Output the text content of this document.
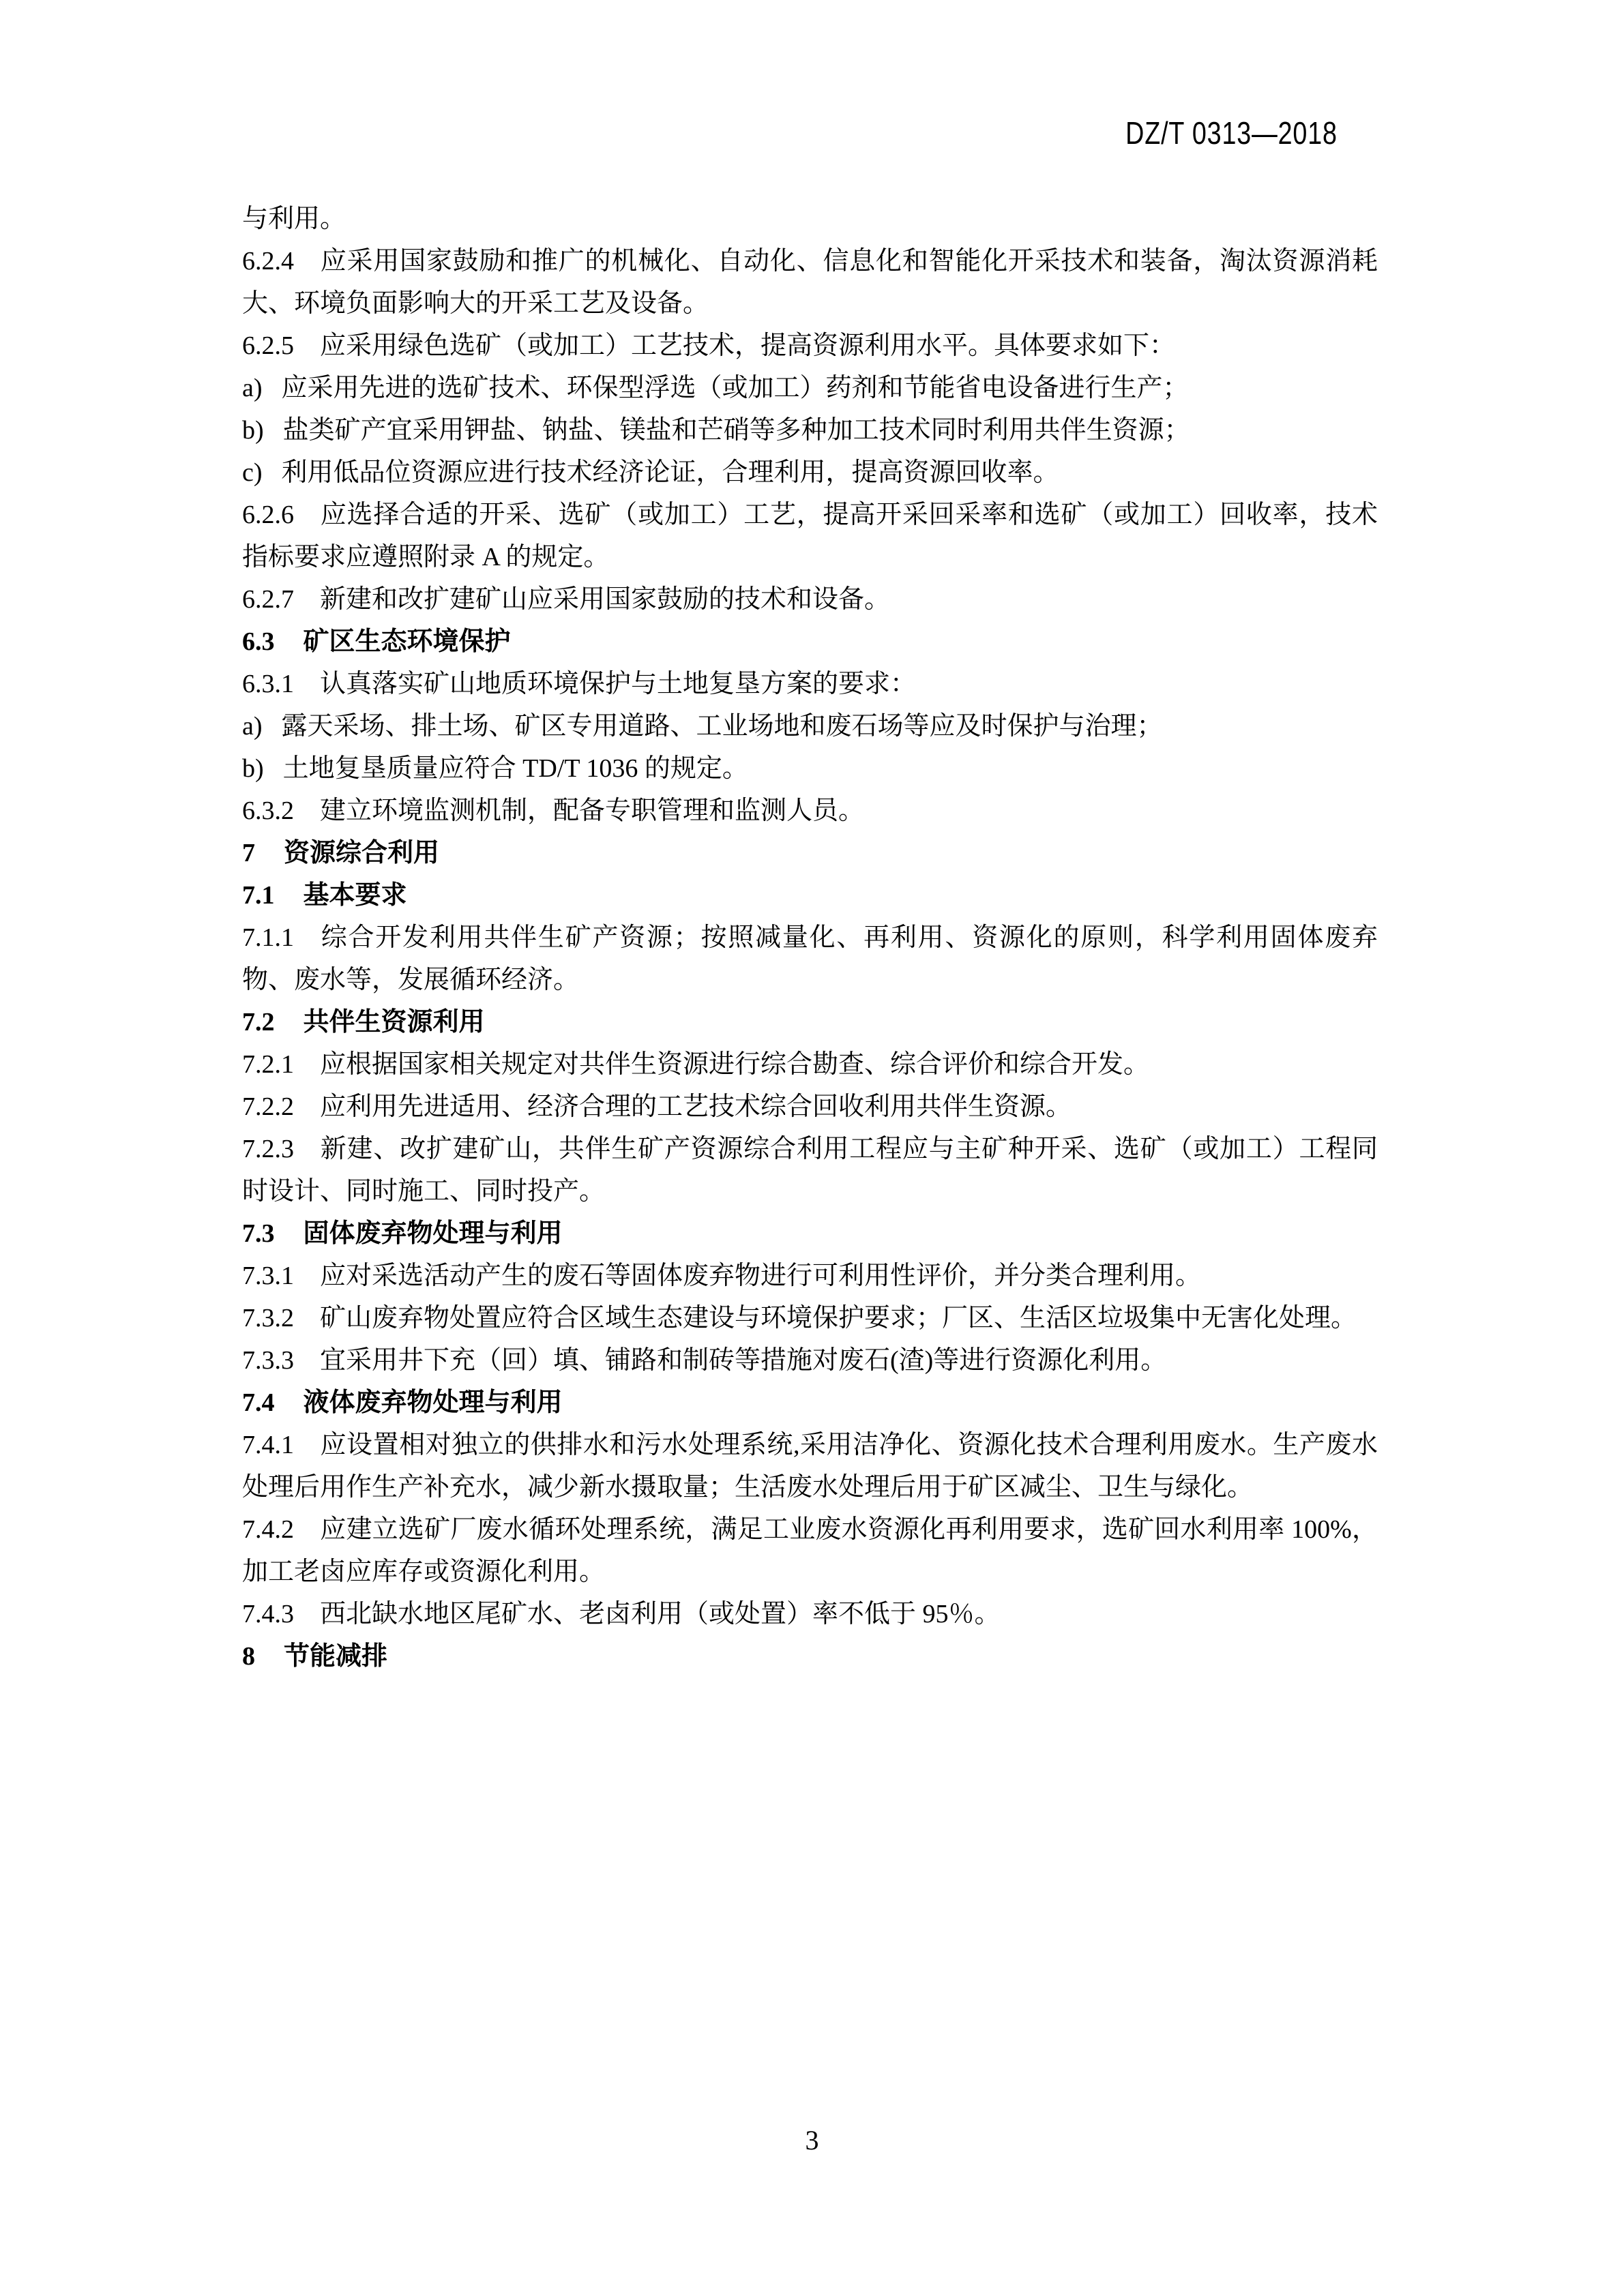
DZ/T 0313—2018

与利用。

6.2.4 应采用国家鼓励和推广的机械化、自动化、信息化和智能化开采技术和装备，淘汰资源消耗大、环境负面影响大的开采工艺及设备。

6.2.5 应采用绿色选矿（或加工）工艺技术，提高资源利用水平。具体要求如下：

a) 应采用先进的选矿技术、环保型浮选（或加工）药剂和节能省电设备进行生产；

b) 盐类矿产宜采用钾盐、钠盐、镁盐和芒硝等多种加工技术同时利用共伴生资源；

c) 利用低品位资源应进行技术经济论证，合理利用，提高资源回收率。

6.2.6 应选择合适的开采、选矿（或加工）工艺，提高开采回采率和选矿（或加工）回收率，技术指标要求应遵照附录 A 的规定。

6.2.7 新建和改扩建矿山应采用国家鼓励的技术和设备。

6.3 矿区生态环境保护

6.3.1 认真落实矿山地质环境保护与土地复垦方案的要求：

a) 露天采场、排土场、矿区专用道路、工业场地和废石场等应及时保护与治理；

b) 土地复垦质量应符合 TD/T 1036 的规定。

6.3.2 建立环境监测机制，配备专职管理和监测人员。

7 资源综合利用

7.1 基本要求

7.1.1 综合开发利用共伴生矿产资源；按照减量化、再利用、资源化的原则，科学利用固体废弃物、废水等，发展循环经济。

7.2 共伴生资源利用

7.2.1 应根据国家相关规定对共伴生资源进行综合勘查、综合评价和综合开发。

7.2.2 应利用先进适用、经济合理的工艺技术综合回收利用共伴生资源。

7.2.3 新建、改扩建矿山，共伴生矿产资源综合利用工程应与主矿种开采、选矿（或加工）工程同时设计、同时施工、同时投产。

7.3 固体废弃物处理与利用

7.3.1 应对采选活动产生的废石等固体废弃物进行可利用性评价，并分类合理利用。

7.3.2 矿山废弃物处置应符合区域生态建设与环境保护要求；厂区、生活区垃圾集中无害化处理。

7.3.3 宜采用井下充（回）填、铺路和制砖等措施对废石(渣)等进行资源化利用。

7.4 液体废弃物处理与利用

7.4.1 应设置相对独立的供排水和污水处理系统,采用洁净化、资源化技术合理利用废水。生产废水处理后用作生产补充水，减少新水摄取量；生活废水处理后用于矿区减尘、卫生与绿化。

7.4.2 应建立选矿厂废水循环处理系统，满足工业废水资源化再利用要求，选矿回水利用率 100%，加工老卤应库存或资源化利用。

7.4.3 西北缺水地区尾矿水、老卤利用（或处置）率不低于 95％。

8 节能减排

3
